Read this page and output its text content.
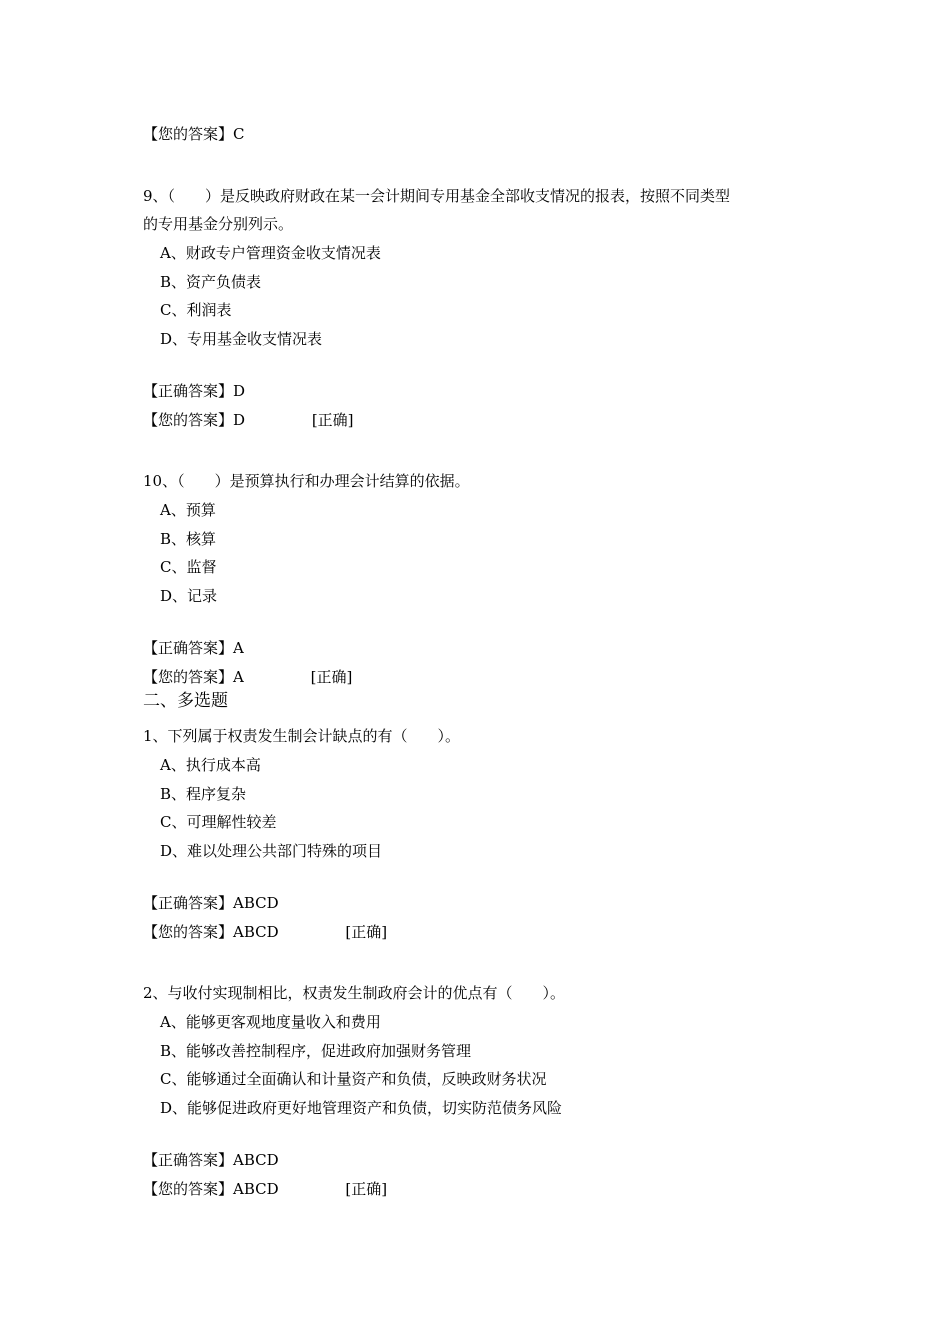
【您的答案】C
9、（　　）是反映政府财政在某一会计期间专用基金全部收支情况的报表，按照不同类型
的专用基金分别列示。
A、财政专户管理资金收支情况表
B、资产负债表
C、利润表
D、专用基金收支情况表
【正确答案】D
【您的答案】D	[正确]
10、（　　）是预算执行和办理会计结算的依据。
A、预算
B、核算
C、监督
D、记录
【正确答案】A
【您的答案】A	[正确]
二、多选题
1、下列属于权责发生制会计缺点的有（　　）。
A、执行成本高
B、程序复杂
C、可理解性较差
D、难以处理公共部门特殊的项目
【正确答案】ABCD
【您的答案】ABCD	[正确]
2、与收付实现制相比，权责发生制政府会计的优点有（　　）。
A、能够更客观地度量收入和费用
B、能够改善控制程序，促进政府加强财务管理
C、能够通过全面确认和计量资产和负债，反映政财务状况
D、能够促进政府更好地管理资产和负债，切实防范债务风险
【正确答案】ABCD
【您的答案】ABCD	[正确]
